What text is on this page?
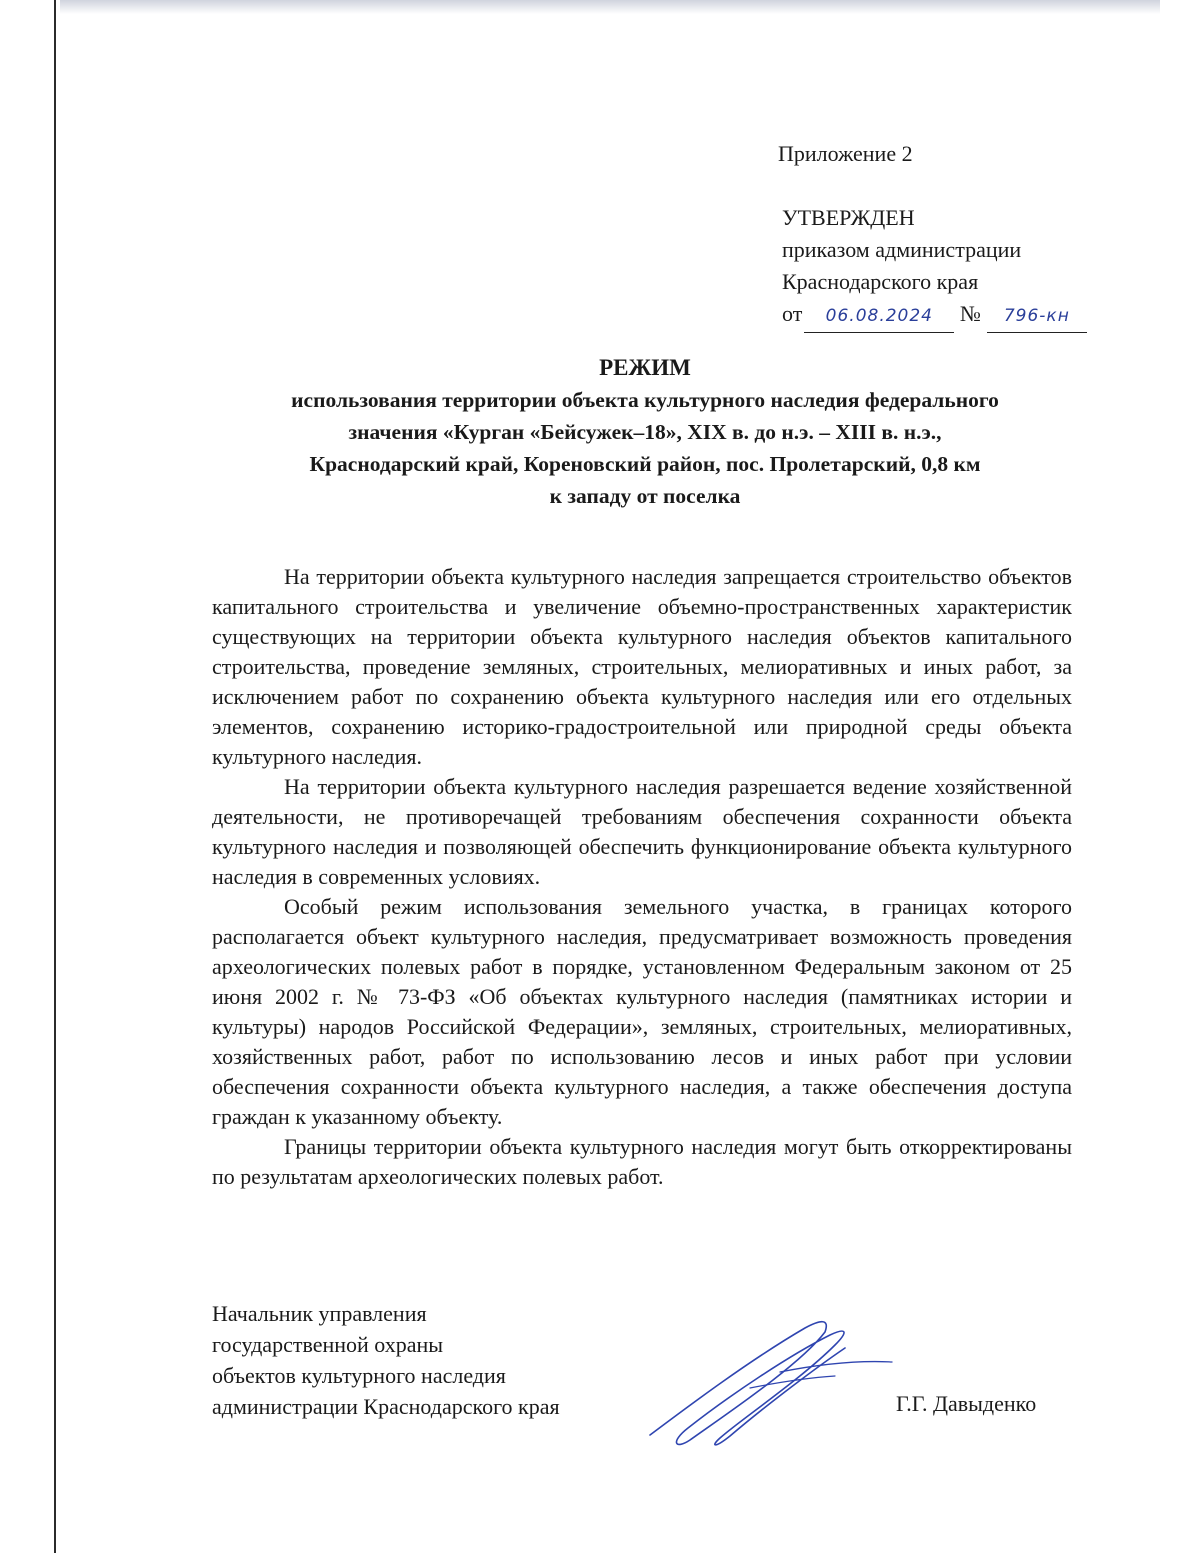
Приложение 2
УТВЕРЖДЕН
приказом администрации
Краснодарского края
от 06.08.2024 № 796-кн
РЕЖИМ
использования территории объекта культурного наследия федерального
значения «Курган «Бейсужек–18», XIX в. до н.э. – XIII в. н.э.,
Краснодарский край, Кореновский район, пос. Пролетарский, 0,8 км
к западу от поселка

На территории объекта культурного наследия запрещается строительство объектов капитального строительства и увеличение объемно-пространственных характеристик существующих на территории объекта культурного наследия объектов капитального строительства, проведение земляных, строительных, мелиоративных и иных работ, за исключением работ по сохранению объекта культурного наследия или его отдельных элементов, сохранению историко-градостроительной или природной среды объекта культурного наследия.

На территории объекта культурного наследия разрешается ведение хозяйственной деятельности, не противоречащей требованиям обеспечения сохранности объекта культурного наследия и позволяющей обеспечить функционирование объекта культурного наследия в современных условиях.

Особый режим использования земельного участка, в границах которого располагается объект культурного наследия, предусматривает возможность проведения археологических полевых работ в порядке, установленном Федеральным законом от 25 июня 2002 г. № 73-ФЗ «Об объектах культурного наследия (памятниках истории и культуры) народов Российской Федерации», земляных, строительных, мелиоративных, хозяйственных работ, работ по использованию лесов и иных работ при условии обеспечения сохранности объекта культурного наследия, а также обеспечения доступа граждан к указанному объекту.

Границы территории объекта культурного наследия могут быть откорректированы по результатам археологических полевых работ.

Начальник управления
государственной охраны
объектов культурного наследия
администрации Краснодарского края	Г.Г. Давыденко
